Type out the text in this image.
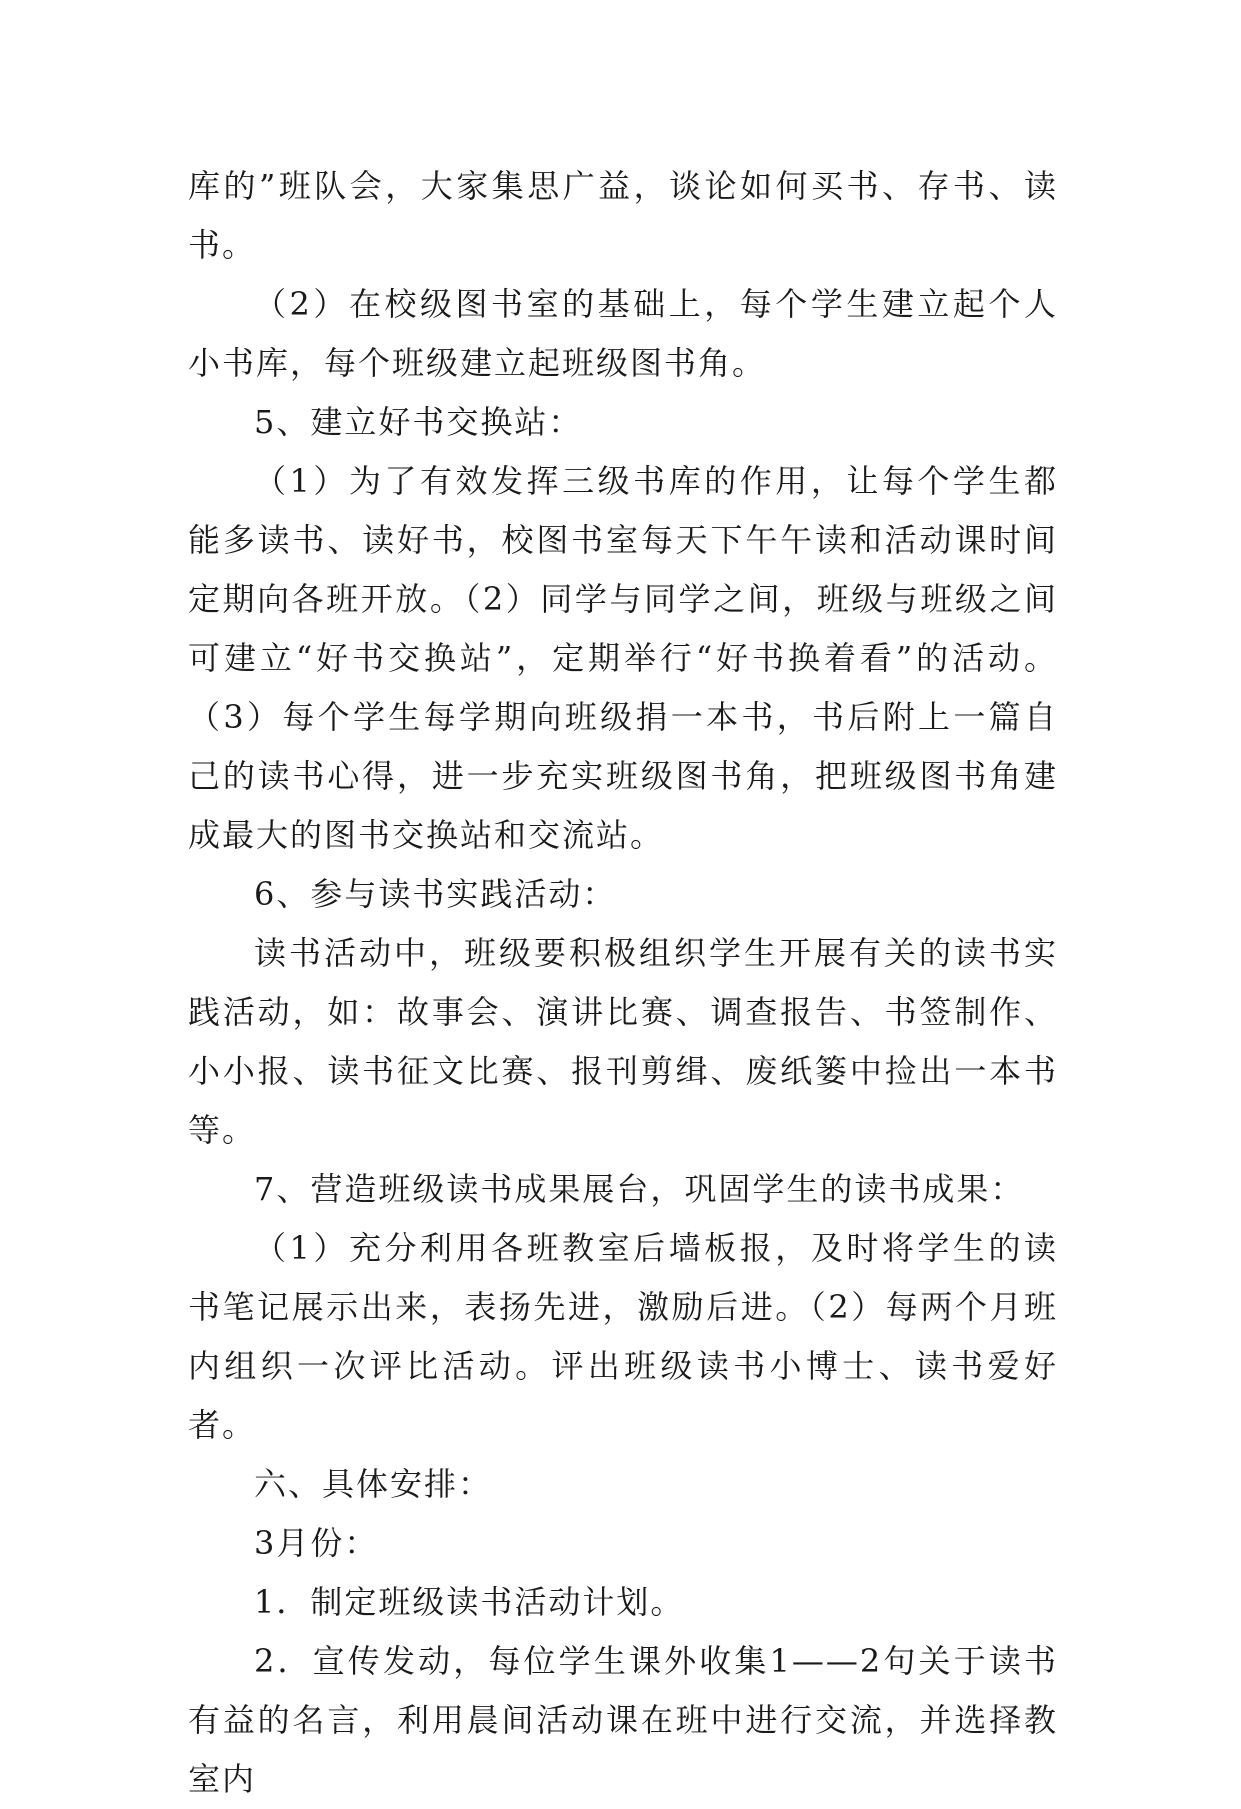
库的”班队会，大家集思广益，谈论如何买书、存书、读书。

（2）在校级图书室的基础上，每个学生建立起个人小书库，每个班级建立起班级图书角。

5、建立好书交换站：

（1）为了有效发挥三级书库的作用，让每个学生都能多读书、读好书，校图书室每天下午午读和活动课时间定期向各班开放。（2）同学与同学之间，班级与班级之间可建立“好书交换站”，定期举行“好书换着看”的活动。（3）每个学生每学期向班级捐一本书，书后附上一篇自己的读书心得，进一步充实班级图书角，把班级图书角建成最大的图书交换站和交流站。

6、参与读书实践活动：

读书活动中，班级要积极组织学生开展有关的读书实践活动，如：故事会、演讲比赛、调查报告、书签制作、小小报、读书征文比赛、报刊剪缉、废纸篓中捡出一本书等。

7、营造班级读书成果展台，巩固学生的读书成果：

（1）充分利用各班教室后墙板报，及时将学生的读书笔记展示出来，表扬先进，激励后进。（2）每两个月班内组织一次评比活动。评出班级读书小博士、读书爱好者。

六、具体安排：

3月份：

1．制定班级读书活动计划。

2．宣传发动，每位学生课外收集1——2句关于读书有益的名言，利用晨间活动课在班中进行交流，并选择教室内
